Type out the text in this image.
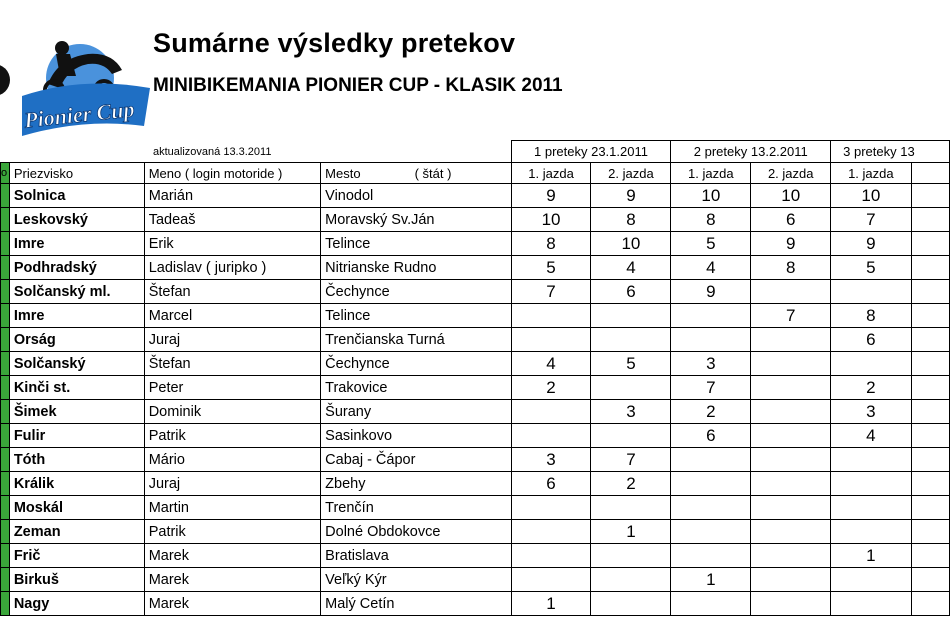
Pionier Cup
Sumárne výsledky pretekov
MINIBIKEMANIA PIONIER CUP - KLASIK 2011
				1 preteky 23.1.2011		2 preteky 13.2.2011		3 preteky 13	
o	Priezvisko	Meno ( login motoride )	Mesto ( štát )	1. jazda	2. jazda	1. jazda	2. jazda	1. jazda	
	Solnica	Marián	Vinodol	9	9	10	10	10	
	Leskovský	Tadeaš	Moravský Sv.Ján	10	8	8	6	7	
	Imre	Erik	Telince	8	10	5	9	9	
	Podhradský	Ladislav ( juripko )	Nitrianske Rudno	5	4	4	8	5	
	Solčanský ml.	Štefan	Čechynce	7	6	9			
	Imre	Marcel	Telince				7	8	
	Orság	Juraj	Trenčianska Turná					6	
	Solčanský	Štefan	Čechynce	4	5	3			
	Kinči st.	Peter	Trakovice	2		7		2	
	Šimek	Dominik	Šurany		3	2		3	
	Fulir	Patrik	Sasinkovo			6		4	
	Tóth	Mário	Cabaj - Čápor	3	7				
	Králik	Juraj	Zbehy	6	2				
	Moskál	Martin	Trenčín						
	Zeman	Patrik	Dolné Obdokovce		1				
	Frič	Marek	Bratislava					1	
	Birkuš	Marek	Veľký Kýr			1			
	Nagy	Marek	Malý Cetín	1					
aktualizovaná 13.3.2011
